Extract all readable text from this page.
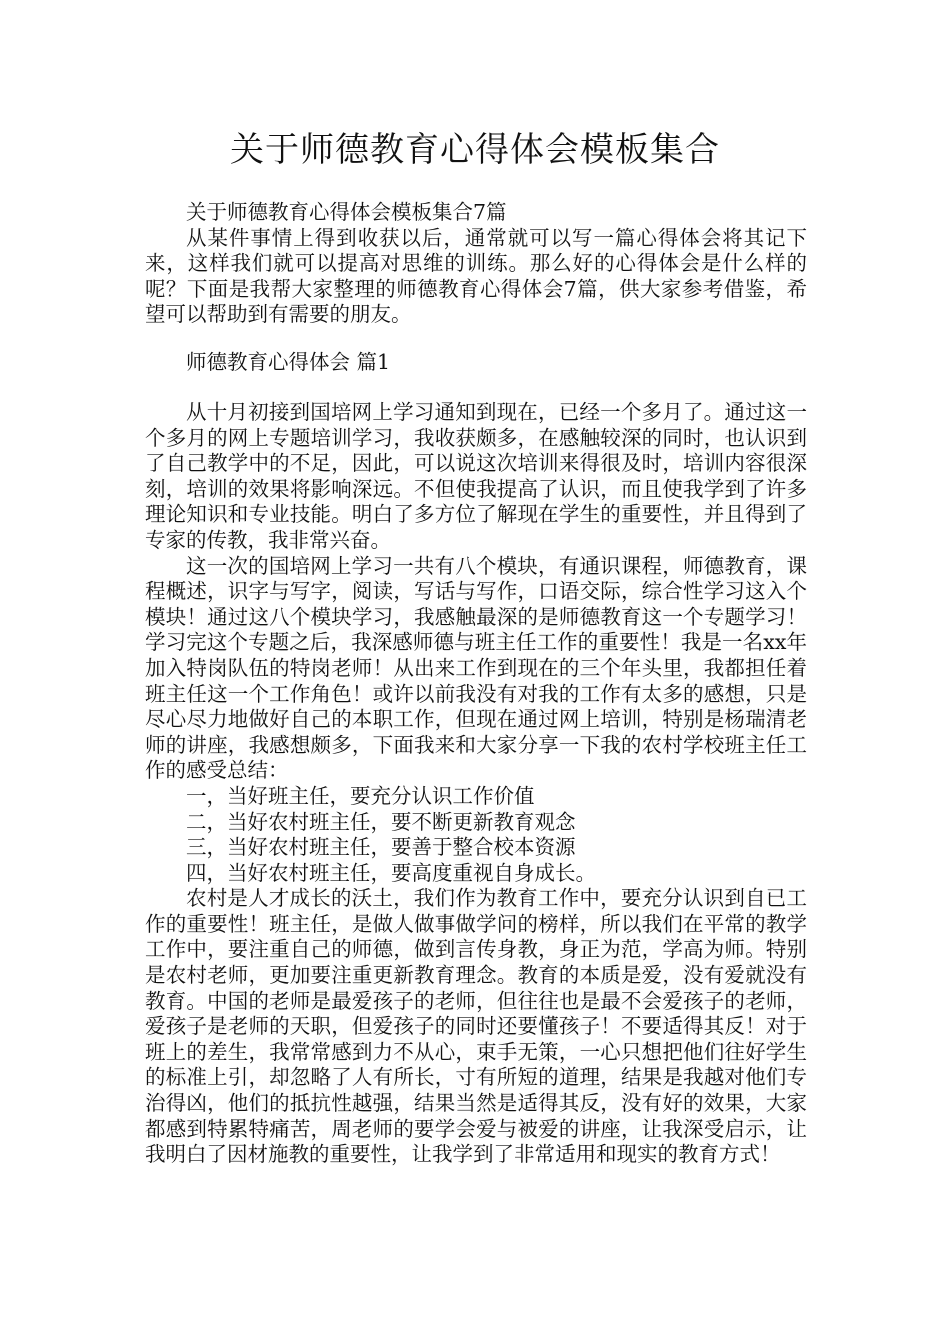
关于师德教育心得体会模板集合

关于师德教育心得体会模板集合7篇

从某件事情上得到收获以后，通常就可以写一篇心得体会将其记下来，这样我们就可以提高对思维的训练。那么好的心得体会是什么样的呢？下面是我帮大家整理的师德教育心得体会7篇，供大家参考借鉴，希望可以帮助到有需要的朋友。

师德教育心得体会 篇1

从十月初接到国培网上学习通知到现在，已经一个多月了。通过这一个多月的网上专题培训学习，我收获颇多，在感触较深的同时，也认识到了自己教学中的不足，因此，可以说这次培训来得很及时，培训内容很深刻，培训的效果将影响深远。不但使我提高了认识，而且使我学到了许多理论知识和专业技能。明白了多方位了解现在学生的重要性，并且得到了专家的传教，我非常兴奋。

这一次的国培网上学习一共有八个模块，有通识课程，师德教育，课程概述，识字与写字，阅读，写话与写作，口语交际，综合性学习这入个模块！通过这八个模块学习，我感触最深的是师德教育这一个专题学习！学习完这个专题之后，我深感师德与班主任工作的重要性！我是一名xx年加入特岗队伍的特岗老师！从出来工作到现在的三个年头里，我都担任着班主任这一个工作角色！或许以前我没有对我的工作有太多的感想，只是尽心尽力地做好自己的本职工作，但现在通过网上培训，特别是杨瑞清老师的讲座，我感想颇多，下面我来和大家分享一下我的农村学校班主任工作的感受总结：

一，当好班主任，要充分认识工作价值

二，当好农村班主任，要不断更新教育观念

三，当好农村班主任，要善于整合校本资源

四，当好农村班主任，要高度重视自身成长。

农村是人才成长的沃土，我们作为教育工作中，要充分认识到自已工作的重要性！班主任，是做人做事做学问的榜样，所以我们在平常的教学工作中，要注重自己的师德，做到言传身教，身正为范，学高为师。特别是农村老师，更加要注重更新教育理念。教育的本质是爱，没有爱就没有教育。中国的老师是最爱孩子的老师，但往往也是最不会爱孩子的老师，爱孩子是老师的天职，但爱孩子的同时还要懂孩子！不要适得其反！对于班上的差生，我常常感到力不从心，束手无策，一心只想把他们往好学生的标准上引，却忽略了人有所长，寸有所短的道理，结果是我越对他们专治得凶，他们的抵抗性越强，结果当然是适得其反，没有好的效果，大家都感到特累特痛苦，周老师的要学会爱与被爱的讲座，让我深受启示，让我明白了因材施教的重要性，让我学到了非常适用和现实的教育方式！
